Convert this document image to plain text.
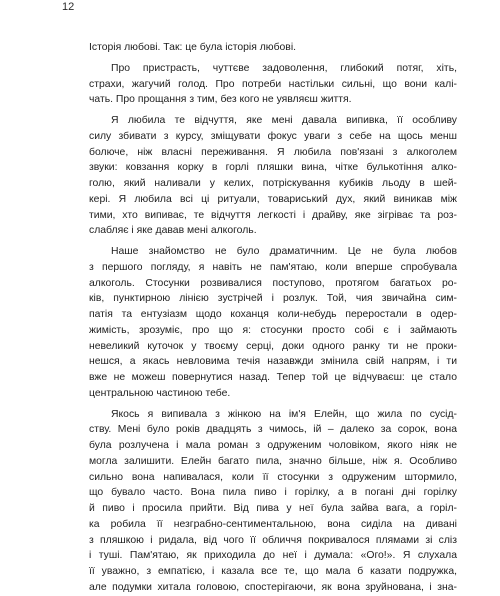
12
Історія любові. Так: це була історія любові.
Про пристрасть, чуттєве задоволення, глибокий потяг, хіть,
страхи, жагучий голод. Про потреби настільки сильні, що вони калі-
чать. Про прощання з тим, без кого не уявляєш життя.
Я любила те відчуття, яке мені давала випивка, її особливу
силу збивати з курсу, зміщувати фокус уваги з себе на щось менш
болюче, ніж власні переживання. Я любила пов'язані з алкоголем
звуки: ковзання корку в горлі пляшки вина, чітке булькотіння алко-
голю, який наливали у келих, потріскування кубиків льоду в шей-
кері. Я любила всі ці ритуали, товариський дух, який виникав між
тими, хто випиває, те відчуття легкості і драйву, яке зігріває та роз-
слабляє і яке давав мені алкоголь.
Наше знайомство не було драматичним. Це не була любов
з першого погляду, я навіть не пам'ятаю, коли вперше спробувала
алкоголь. Стосунки розвивалися поступово, протягом багатьох ро-
ків, пунктирною лінією зустрічей і розлук. Той, чия звичайна сим-
патія та ентузіазм щодо коханця коли-небудь переростали в одер-
жимість, зрозуміє, про що я: стосунки просто собі є і займають
невеликий куточок у твоєму серці, доки одного ранку ти не проки-
нешся, а якась невловима течія назавжди змінила свій напрям, і ти
вже не можеш повернутися назад. Тепер той це відчуваєш: це стало
центральною частиною тебе.
Якось я випивала з жінкою на ім'я Елейн, що жила по сусід-
ству. Мені було років двадцять з чимось, ій – далеко за сорок, вона
була розлучена і мала роман з одруженим чоловіком, якого ніяк не
могла залишити. Елейн багато пила, значно більше, ніж я. Особливо
сильно вона напивалася, коли її стосунки з одруженим штормило,
що бувало часто. Вона пила пиво і горілку, а в погані дні горілку
й пиво і просила прийти. Від пива у неї була зайва вага, а горіл-
ка робила її незграбно-сентиментальною, вона сиділа на дивані
з пляшкою і ридала, від чого її обличчя покривалося плямами зі сліз
і туші. Пам'ятаю, як приходила до неї і думала: «Ого!». Я слухала
її уважно, з емпатією, і казала все те, що мала б казати подружка,
але подумки хитала головою, спостерігаючи, як вона зруйнована, і зна-
